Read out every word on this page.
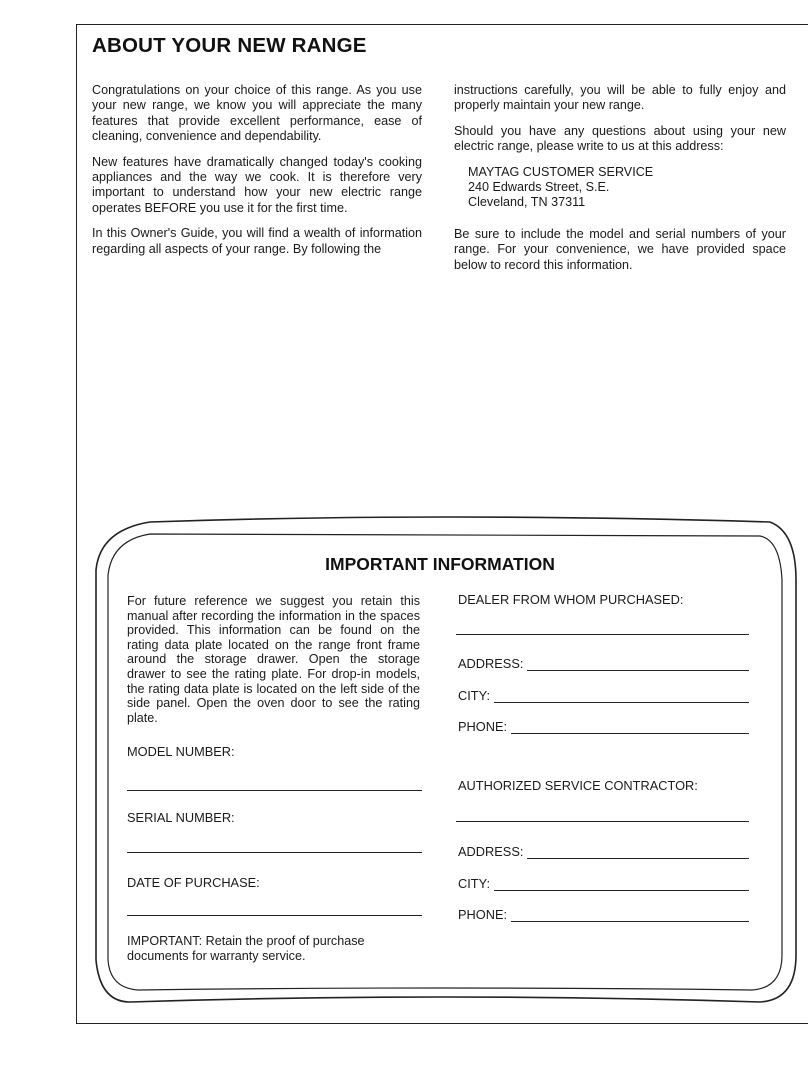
ABOUT YOUR NEW RANGE

Congratulations on your choice of this range. As you use your new range, we know you will appreciate the many features that provide excellent performance, ease of cleaning, convenience and dependability.

New features have dramatically changed today's cooking appliances and the way we cook. It is therefore very important to understand how your new electric range operates BEFORE you use it for the first time.

In this Owner's Guide, you will find a wealth of information regarding all aspects of your range. By following the

instructions carefully, you will be able to fully enjoy and properly maintain your new range.

Should you have any questions about using your new electric range, please write to us at this address:

MAYTAG CUSTOMER SERVICE
240 Edwards Street, S.E.
Cleveland, TN 37311

Be sure to include the model and serial numbers of your range. For your convenience, we have provided space below to record this information.

IMPORTANT INFORMATION

For future reference we suggest you retain this manual after recording the information in the spaces provided. This information can be found on the rating data plate located on the range front frame around the storage drawer. Open the storage drawer to see the rating plate. For drop-in models, the rating data plate is located on the left side of the side panel. Open the oven door to see the rating plate.

MODEL NUMBER:
SERIAL NUMBER:
DATE OF PURCHASE:
IMPORTANT: Retain the proof of purchase documents for warranty service.
DEALER FROM WHOM PURCHASED:
ADDRESS:
CITY:
PHONE:
AUTHORIZED SERVICE CONTRACTOR:
ADDRESS:
CITY:
PHONE:
